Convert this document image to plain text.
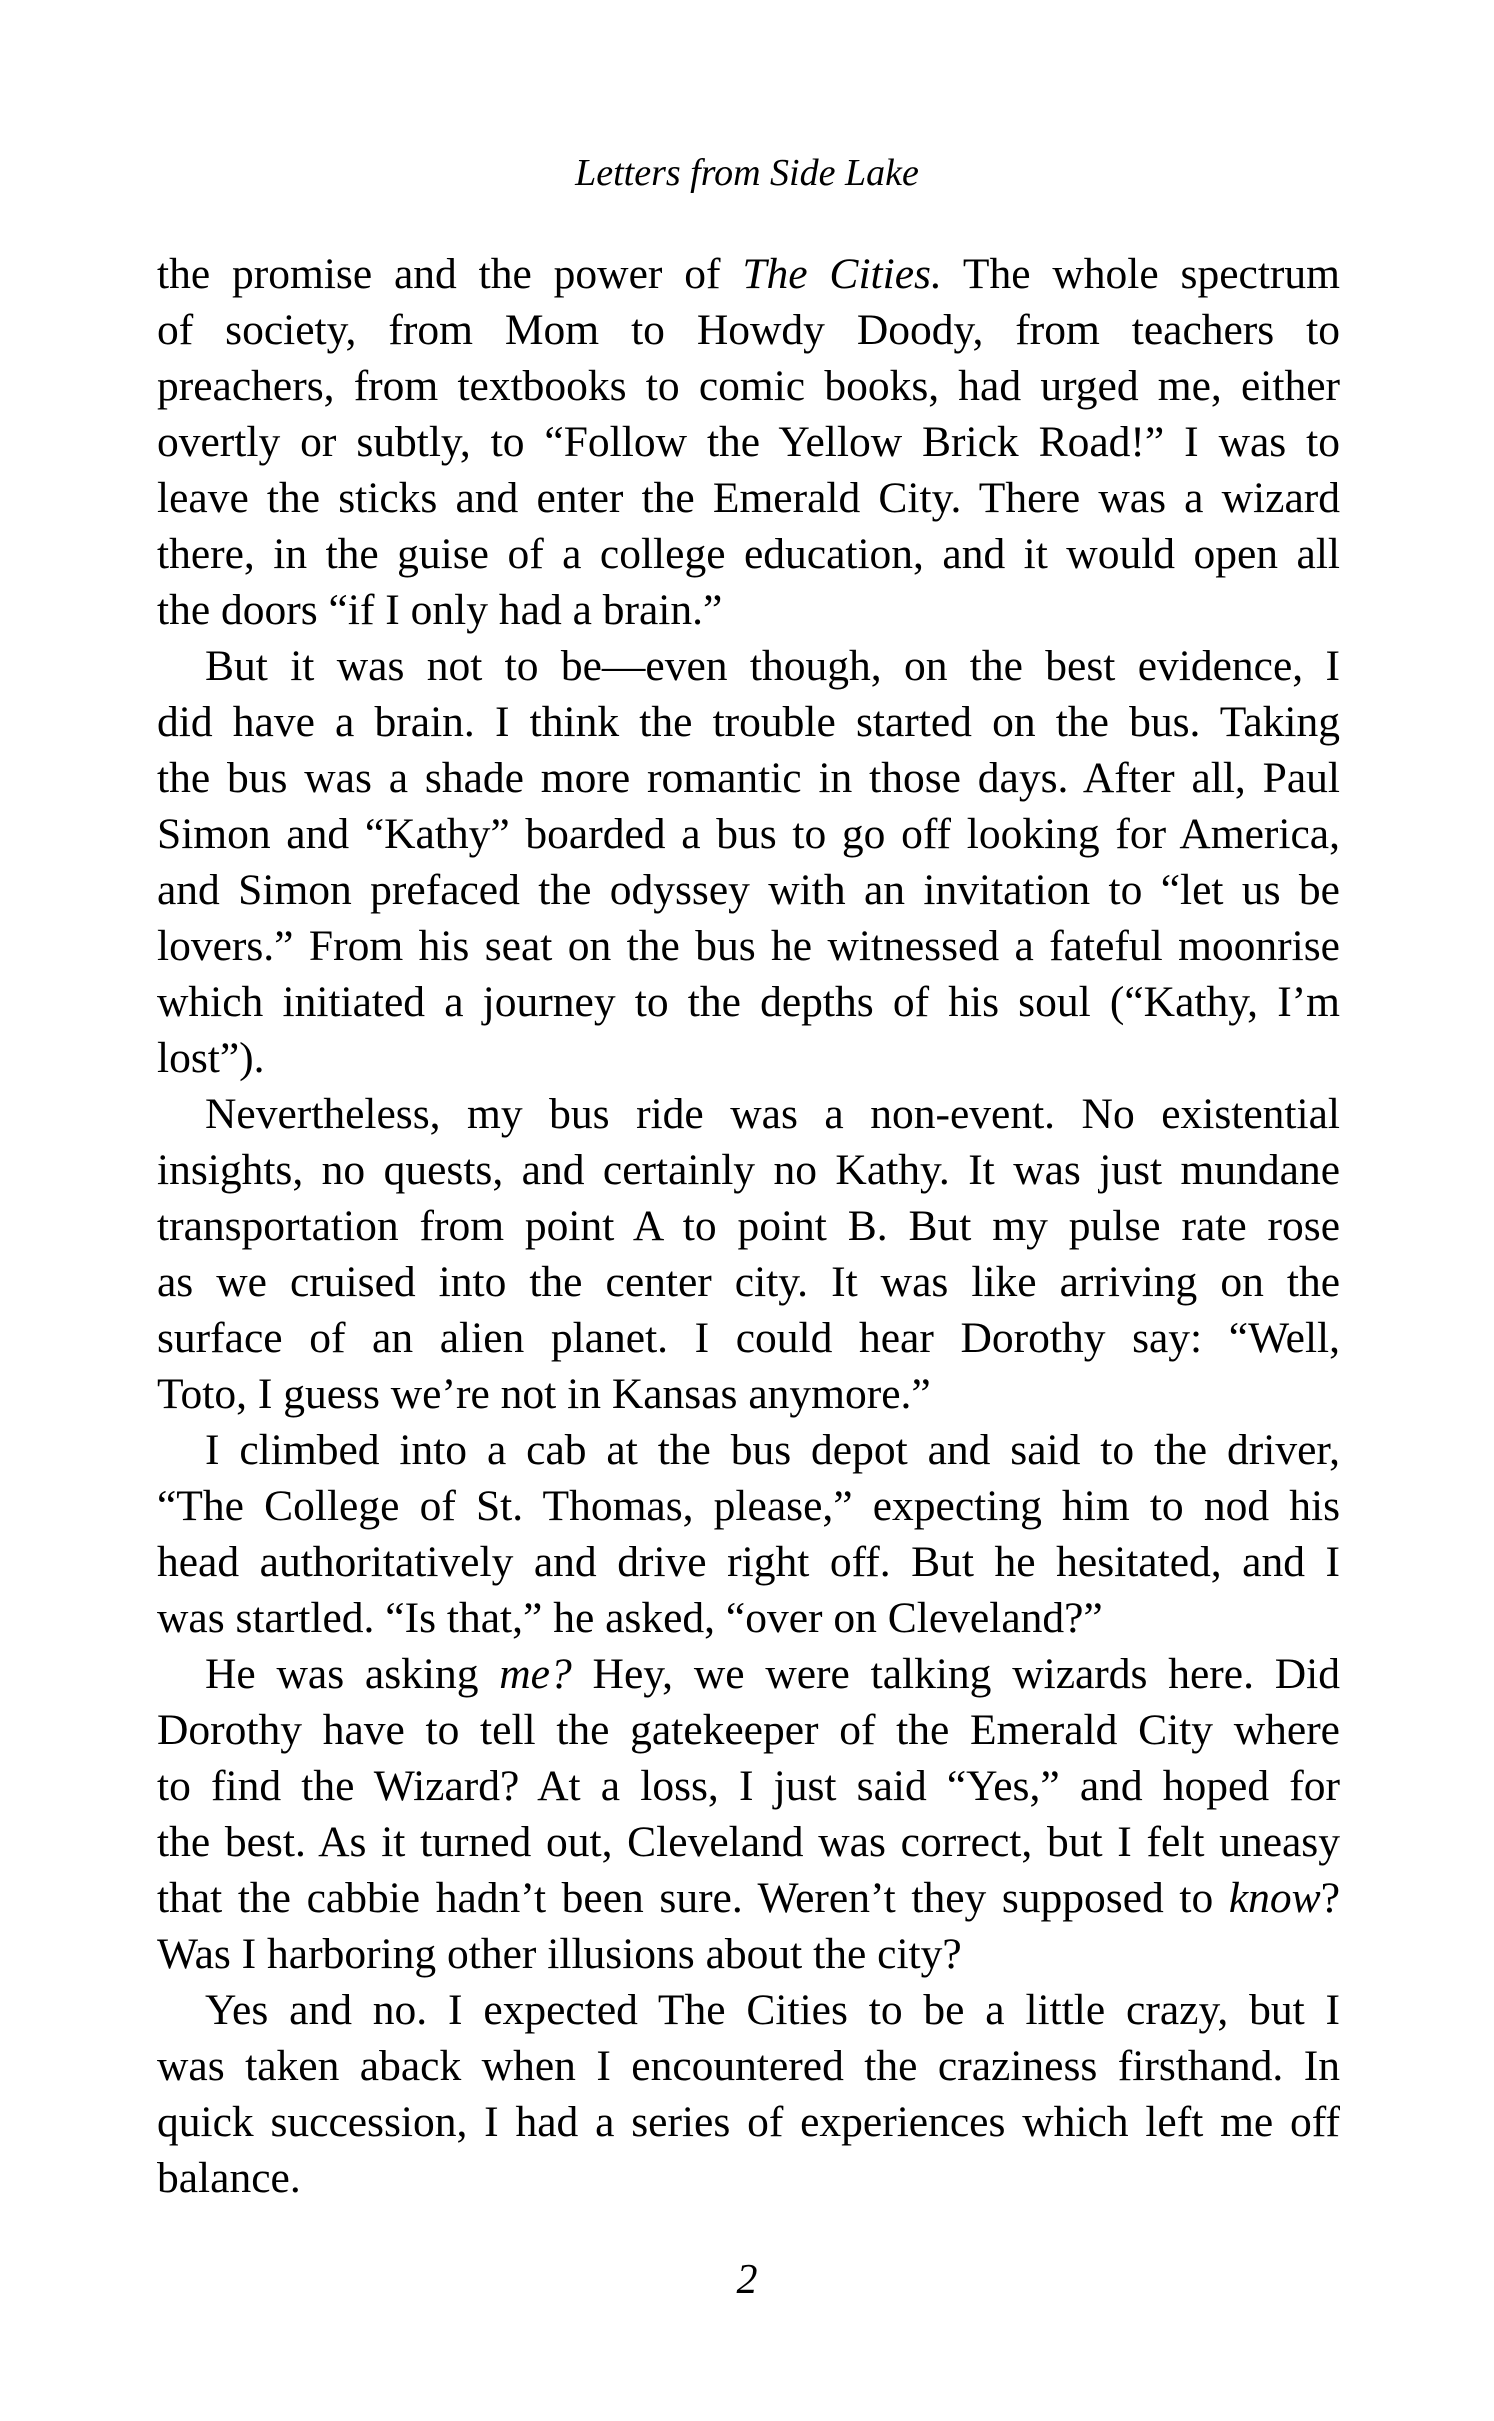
Letters from Side Lake
the promise and the power of The Cities. The whole spectrum
of society, from Mom to Howdy Doody, from teachers to
preachers, from textbooks to comic books, had urged me, either
overtly or subtly, to “Follow the Yellow Brick Road!” I was to
leave the sticks and enter the Emerald City. There was a wizard
there, in the guise of a college education, and it would open all
the doors “if I only had a brain.”
But it was not to be—even though, on the best evidence, I
did have a brain. I think the trouble started on the bus. Taking
the bus was a shade more romantic in those days. After all, Paul
Simon and “Kathy” boarded a bus to go off looking for America,
and Simon prefaced the odyssey with an invitation to “let us be
lovers.” From his seat on the bus he witnessed a fateful moonrise
which initiated a journey to the depths of his soul (“Kathy, I’m
lost”).
Nevertheless, my bus ride was a non-event. No existential
insights, no quests, and certainly no Kathy. It was just mundane
transportation from point A to point B. But my pulse rate rose
as we cruised into the center city. It was like arriving on the
surface of an alien planet. I could hear Dorothy say: “Well,
Toto, I guess we’re not in Kansas anymore.”
I climbed into a cab at the bus depot and said to the driver,
“The College of St. Thomas, please,” expecting him to nod his
head authoritatively and drive right off. But he hesitated, and I
was startled. “Is that,” he asked, “over on Cleveland?”
He was asking me? Hey, we were talking wizards here. Did
Dorothy have to tell the gatekeeper of the Emerald City where
to find the Wizard? At a loss, I just said “Yes,” and hoped for
the best. As it turned out, Cleveland was correct, but I felt uneasy
that the cabbie hadn’t been sure. Weren’t they supposed to know?
Was I harboring other illusions about the city?
Yes and no. I expected The Cities to be a little crazy, but I
was taken aback when I encountered the craziness firsthand. In
quick succession, I had a series of experiences which left me off
balance.
2
